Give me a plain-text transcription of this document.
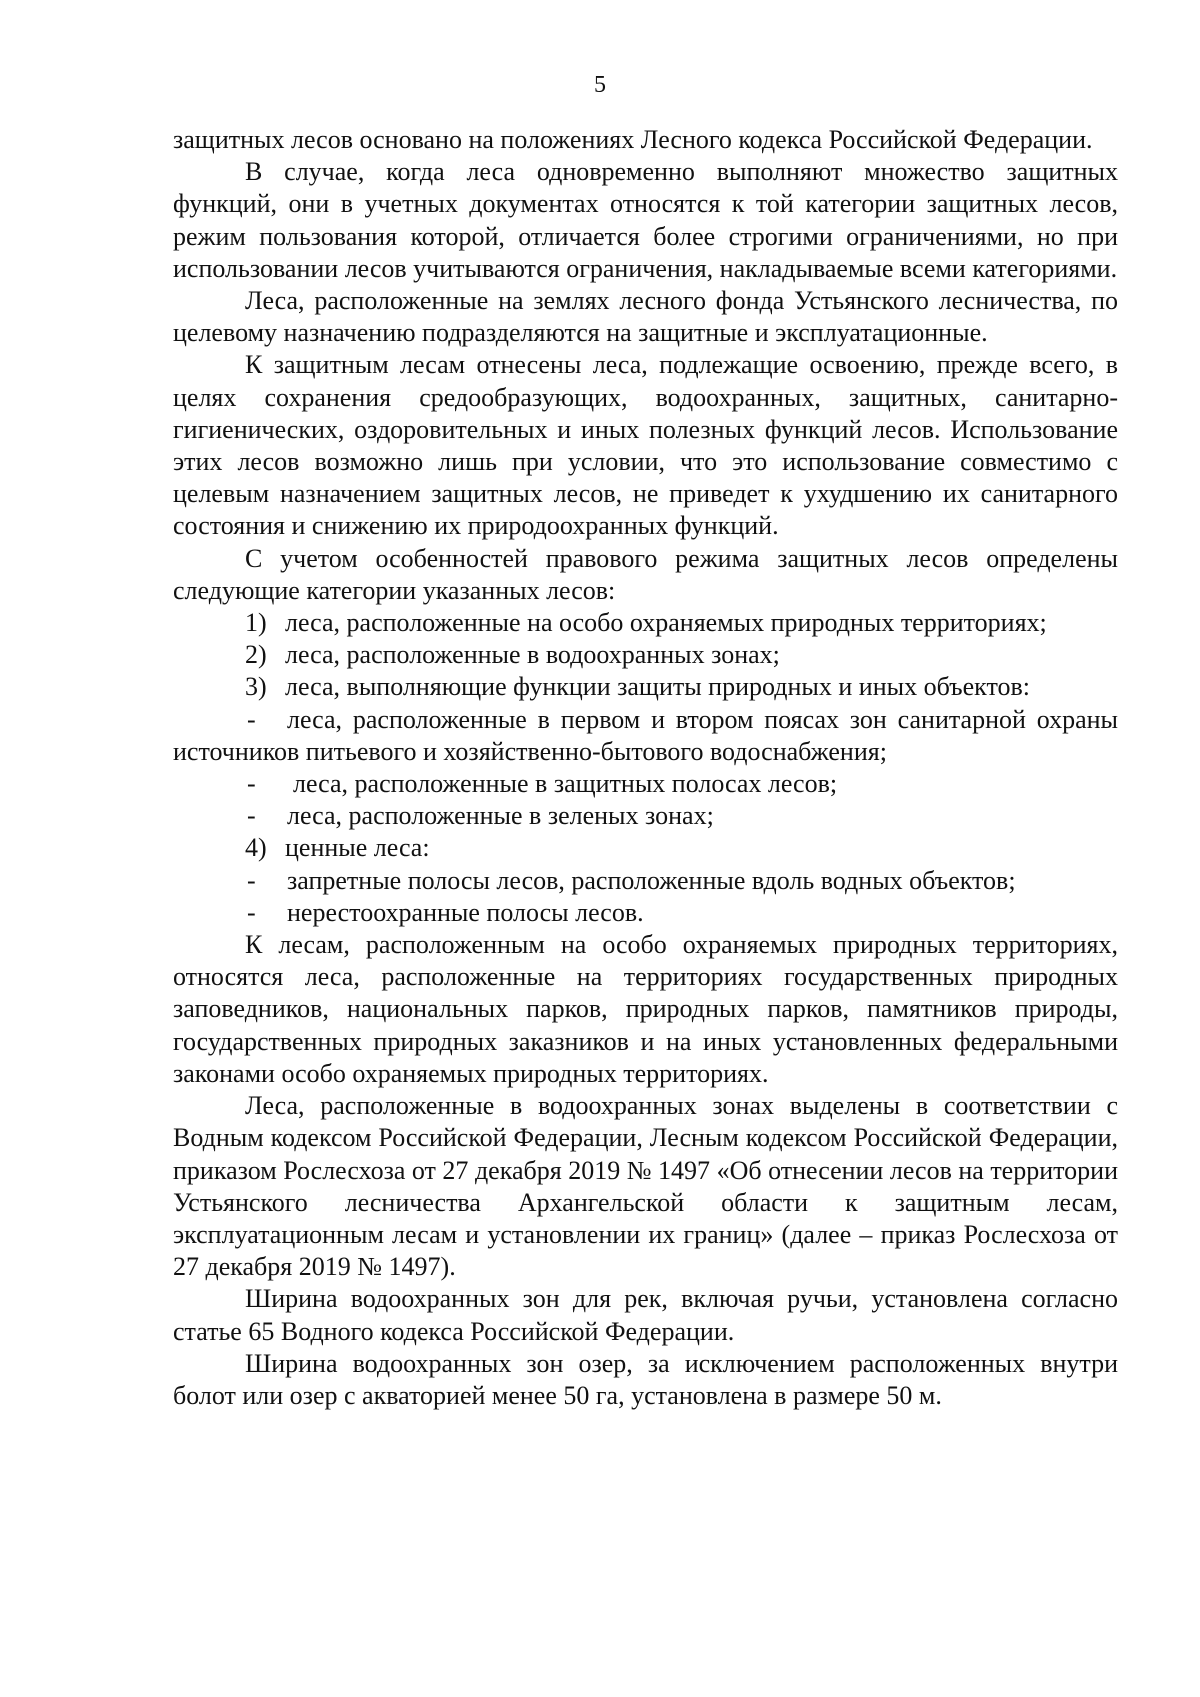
5

защитных лесов основано на положениях Лесного кодекса Российской Федерации.

В случае, когда леса одновременно выполняют множество защитных функций, они в учетных документах относятся к той категории защитных лесов, режим пользования которой, отличается более строгими ограничениями, но при использовании лесов учитываются ограничения, накладываемые всеми категориями.

Леса, расположенные на землях лесного фонда Устьянского лесничества, по целевому назначению подразделяются на защитные и эксплуатационные.

К защитным лесам отнесены леса, подлежащие освоению, прежде всего, в целях сохранения средообразующих, водоохранных, защитных, санитарно-гигиенических, оздоровительных и иных полезных функций лесов. Использование этих лесов возможно лишь при условии, что это использование совместимо с целевым назначением защитных лесов, не приведет к ухудшению их санитарного состояния и снижению их природоохранных функций.

С учетом особенностей правового режима защитных лесов определены следующие категории указанных лесов:

1) леса, расположенные на особо охраняемых природных территориях;

2) леса, расположенные в водоохранных зонах;

3) леса, выполняющие функции защиты природных и иных объектов:

- леса, расположенные в первом и втором поясах зон санитарной охраны источников питьевого и хозяйственно-бытового водоснабжения;

- леса, расположенные в защитных полосах лесов;

- леса, расположенные в зеленых зонах;

4) ценные леса:

- запретные полосы лесов, расположенные вдоль водных объектов;

- нерестоохранные полосы лесов.

К лесам, расположенным на особо охраняемых природных территориях, относятся леса, расположенные на территориях государственных природных заповедников, национальных парков, природных парков, памятников природы, государственных природных заказников и на иных установленных федеральными законами особо охраняемых природных территориях.

Леса, расположенные в водоохранных зонах выделены в соответствии с Водным кодексом Российской Федерации, Лесным кодексом Российской Федерации, приказом Рослесхоза от 27 декабря 2019 № 1497 «Об отнесении лесов на территории Устьянского лесничества Архангельской области к защитным лесам, эксплуатационным лесам и установлении их границ» (далее – приказ Рослесхоза от 27 декабря 2019 № 1497).

Ширина водоохранных зон для рек, включая ручьи, установлена согласно статье 65 Водного кодекса Российской Федерации.

Ширина водоохранных зон озер, за исключением расположенных внутри болот или озер с акваторией менее 50 га, установлена в размере 50 м.
